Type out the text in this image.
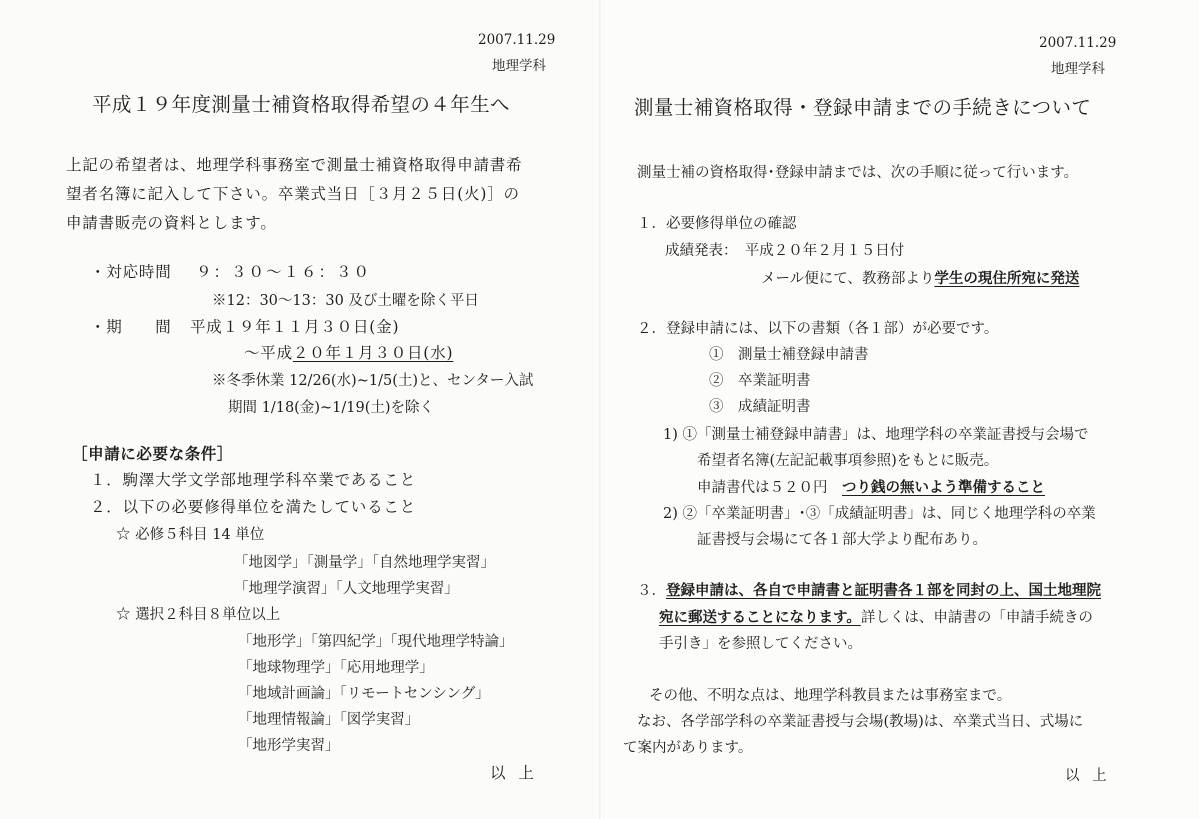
2007.11.29
地理学科
平成１９年度測量士補資格取得希望の４年生へ
上記の希望者は、地理学科事務室で測量士補資格取得申請書希
望者名簿に記入して下さい。卒業式当日［３月２５日(火)］の
申請書販売の資料とします。
・対応時間 ９：３０～１６：３０
※12：30～13：30 及び土曜を除く平日
・期　　間 平成１９年１１月３０日(金)
～平成２０年１月３０日(水)
※冬季休業 12/26(水)~1/5(土)と、センター入試
期間 1/18(金)~1/19(土)を除く
［申請に必要な条件］
１．駒澤大学文学部地理学科卒業であること
２．以下の必要修得単位を満たしていること
☆ 必修５科目 14 単位
「地図学」「測量学」「自然地理学実習」
「地理学演習」「人文地理学実習」
☆ 選択２科目８単位以上
「地形学」「第四紀学」「現代地理学特論」
「地球物理学」「応用地理学」
「地域計画論」「リモートセンシング」
「地理情報論」「図学実習」
「地形学実習」
以 上
2007.11.29
地理学科
測量士補資格取得・登録申請までの手続きについて
測量士補の資格取得･登録申請までは、次の手順に従って行います。
１．必要修得単位の確認
成績発表：　平成２０年２月１５日付
メール便にて、教務部より学生の現住所宛に発送
２．登録申請には、以下の書類（各１部）が必要です。
①　測量士補登録申請書
②　卒業証明書
③　成績証明書
1) ①「測量士補登録申請書」は、地理学科の卒業証書授与会場で
希望者名簿(左記記載事項参照)をもとに販売。
申請書代は５２０円　 つり銭の無いよう準備すること
2) ②「卒業証明書」･③「成績証明書」は、同じく地理学科の卒業
証書授与会場にて各１部大学より配布あり。
３．登録申請は、各自で申請書と証明書各１部を同封の上、国土地理院
宛に郵送することになります。詳しくは、申請書の「申請手続きの
手引き」を参照してください。
その他、不明な点は、地理学科教員または事務室まで。
なお、各学部学科の卒業証書授与会場(教場)は、卒業式当日、式場に
て案内があります。
以 上
